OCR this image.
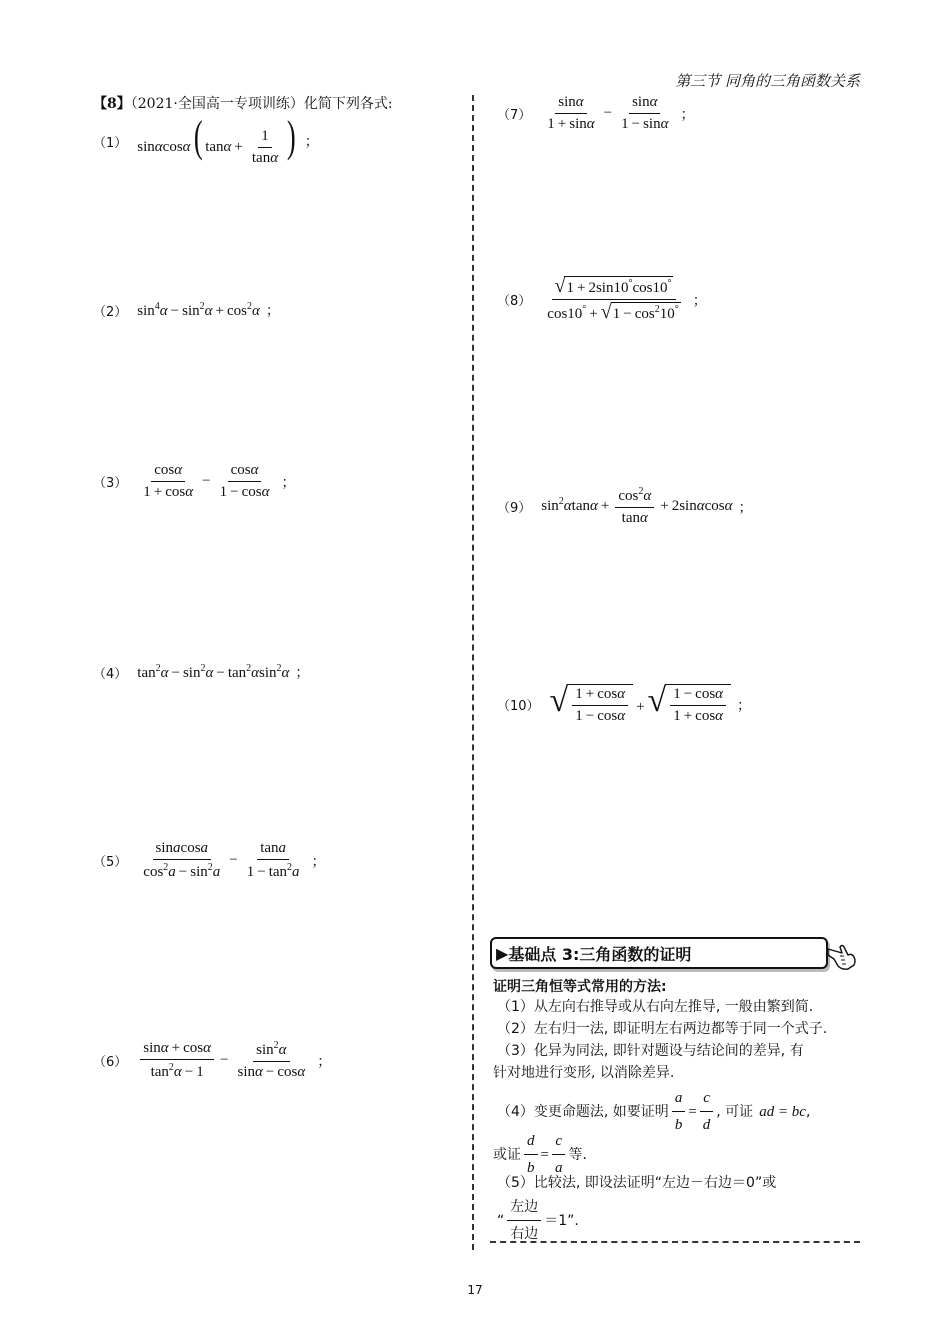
第三节 同角的三角函数关系
【8】（2021·全国高一专项训练）化简下列各式:
（1） sinαcosα( $\tan\alpha + \frac{1}{\tan\alpha}$ ) ；
（2） $\sin^4\alpha - \sin^2\alpha + \cos^2\alpha$ ；
$(3) \frac{\cos\alpha}{1 + \cos\alpha} - \frac{\cos\alpha}{1 - \cos\alpha}$ ；
（4） $\tan^2\alpha - \sin^2\alpha - \tan^2\alpha\sin^2\alpha$ ；
$(5) \frac{\text{sinacosa}}{\cos^2a - \sin^2a} - \frac{\tan a}{1 - \tan^2a}$ ；
$(6) \frac{\sin\alpha + \cos\alpha}{\tan^2\alpha - 1} - \frac{\sin^2\alpha}{\sin\alpha - \cos\alpha}$ ；
$(7) \frac{\sin\alpha}{1 + \sin\alpha} - \frac{\sin\alpha}{1 - \sin\alpha}$ ；
$(8) \frac{√ 1 + 2\sin 10^\circ\cos 10^\circ}{\cos 10^\circ + √ 1 - \cos^210^\circ}$ ；
（9） $\sin^2\alpha\tan\alpha + \frac{\cos^2\alpha}{\tan\alpha} + 2\sin\alpha\cos\alpha$ ；
（10） √ $\frac{1 + \cos\alpha}{1 - \cos\alpha}$ + √ $\frac{1 - \cos\alpha}{1 + \cos\alpha}$ ；
▶ 基础点 3:三角函数的证明
证明三角恒等式常用的方法:
（1）从左向右推导或从右向左推导, 一般由繁到简.
（2）左右归一法, 即证明左右两边都等于同一个式子.
（3）化异为同法, 即针对题设与结论间的差异, 有
针对地进行变形, 以消除差异.
（4）变更命题法, 如要证明 $\frac{a}{b} = \frac{c}{d}$ , 可证 ad = bc ,
或证 $\frac{d}{b} = \frac{c}{a}$ 等.
（5）比较法, 即设法证明“左边－右边＝0”或
“ $\frac{\text{左边}}{\text{右边}} =1$”.
17
